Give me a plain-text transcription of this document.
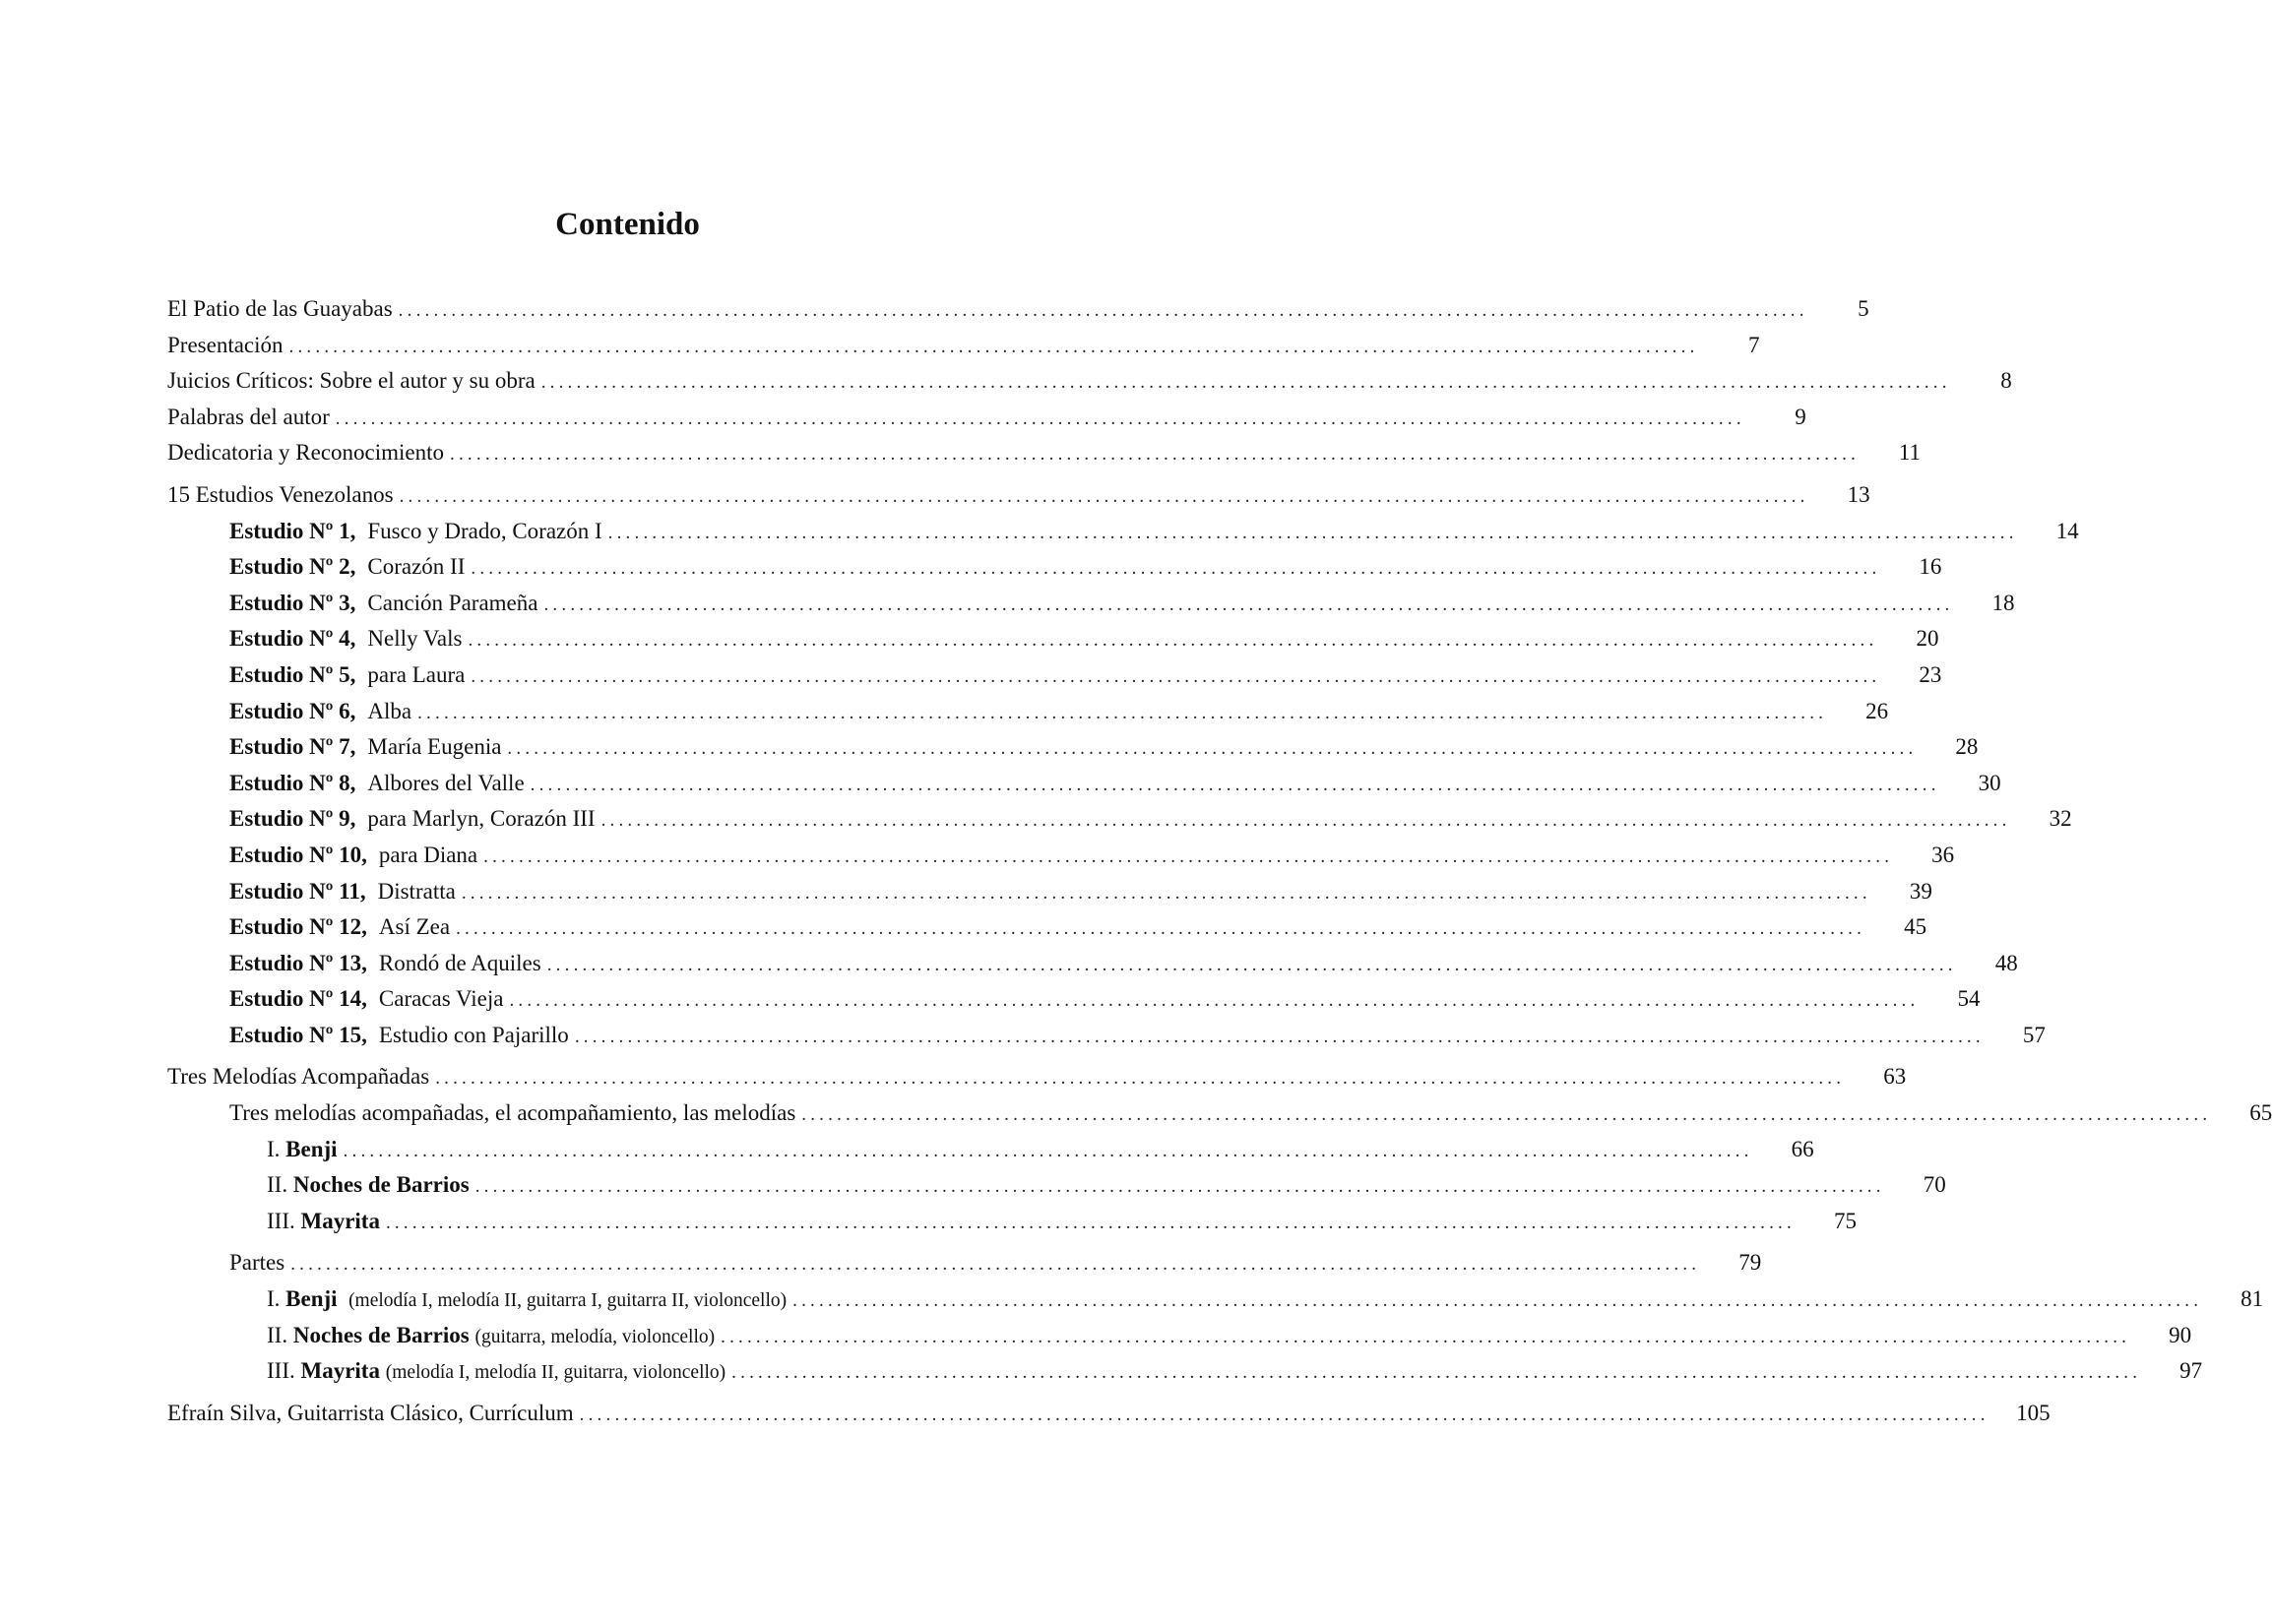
Contenido
El Patio de las Guayabas ................................................................................................................................................................	5
Presentación ................................................................................................................................................................	7
Juicios Críticos: Sobre el autor y su obra ................................................................................................................................................................	8
Palabras del autor ................................................................................................................................................................	9
Dedicatoria y Reconocimiento ................................................................................................................................................................	11
15 Estudios Venezolanos ................................................................................................................................................................	13
Estudio Nº 1, Fusco y Drado, Corazón I ................................................................................................................................................................	14
Estudio Nº 2, Corazón II ................................................................................................................................................................	16
Estudio Nº 3, Canción Parameña ................................................................................................................................................................	18
Estudio Nº 4, Nelly Vals ................................................................................................................................................................	20
Estudio Nº 5, para Laura ................................................................................................................................................................	23
Estudio Nº 6, Alba ................................................................................................................................................................	26
Estudio Nº 7, María Eugenia ................................................................................................................................................................	28
Estudio Nº 8, Albores del Valle ................................................................................................................................................................	30
Estudio Nº 9, para Marlyn, Corazón III ................................................................................................................................................................	32
Estudio Nº 10, para Diana ................................................................................................................................................................	36
Estudio Nº 11, Distratta ................................................................................................................................................................	39
Estudio Nº 12, Así Zea ................................................................................................................................................................	45
Estudio Nº 13, Rondó de Aquiles ................................................................................................................................................................	48
Estudio Nº 14, Caracas Vieja ................................................................................................................................................................	54
Estudio Nº 15, Estudio con Pajarillo ................................................................................................................................................................	57
Tres Melodías Acompañadas ................................................................................................................................................................	63
Tres melodías acompañadas, el acompañamiento, las melodías ................................................................................................................................................................	65
I. Benji ................................................................................................................................................................	66
II. Noches de Barrios ................................................................................................................................................................	70
III. Mayrita ................................................................................................................................................................	75
Partes ................................................................................................................................................................	79
I. Benji (melodía I, melodía II, guitarra I, guitarra II, violoncello) ................................................................................................................................................................	81
II. Noches de Barrios (guitarra, melodía, violoncello) ................................................................................................................................................................	90
III. Mayrita (melodía I, melodía II, guitarra, violoncello) ................................................................................................................................................................	97
Efraín Silva, Guitarrista Clásico, Currículum ................................................................................................................................................................	105
